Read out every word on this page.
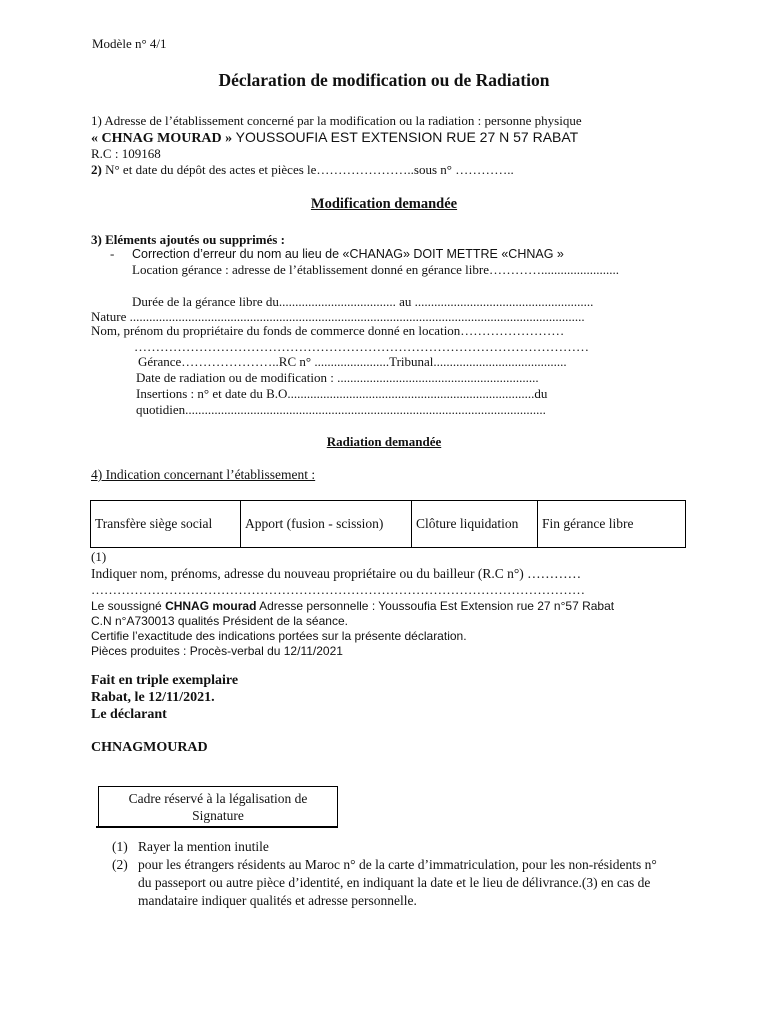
Modèle n° 4/1
Déclaration de modification ou de Radiation
1) Adresse de l’établissement concerné par la modification ou la radiation : personne physique
« CHNAG MOURAD » YOUSSOUFIA EST EXTENSION RUE 27 N 57 RABAT
R.C : 109168
2) N° et date du dépôt des actes et pièces le…………………..sous n° …………..
Modification demandée
3) Eléments ajoutés ou supprimés :
- Correction d’erreur du nom au lieu de «CHANAG» DOIT METTRE «CHNAG »
Location gérance : adresse de l’établissement donné en gérance libre…………........................
Durée de la gérance libre du.................................... au .......................................................
Nature ............................................................................................................................................
Nom, prénom du propriétaire du fonds de commerce donné en location……………………
……………………………………………………………………………………………
Gérance…………………..RC n° .......................Tribunal.........................................
Date de radiation ou de modification : ..............................................................
Insertions : n° et date du B.O............................................................................du
quotidien...............................................................................................................
Radiation demandée
4) Indication concernant l’établissement :
Transfère siège social	Apport (fusion - scission)	Clôture liquidation	Fin gérance libre
(1)
Indiquer nom, prénoms, adresse du nouveau propriétaire ou du bailleur (R.C n°) …………
……………………………………………………………………………………………………
Le soussigné CHNAG mourad Adresse personnelle : Youssoufia Est Extension rue 27 n°57 Rabat
C.N n°A730013 qualités Président de la séance.
Certifie l’exactitude des indications portées sur la présente déclaration.
Pièces produites : Procès-verbal du 12/11/2021
Fait en triple exemplaire
Rabat, le 12/11/2021.
Le déclarant
CHNAGMOURAD
Cadre réservé à la légalisation de
Signature
(1) Rayer la mention inutile
(2) pour les étrangers résidents au Maroc n° de la carte d’immatriculation, pour les non-résidents n° du passeport ou autre pièce d’identité, en indiquant la date et le lieu de délivrance.(3) en cas de mandataire indiquer qualités et adresse personnelle.
